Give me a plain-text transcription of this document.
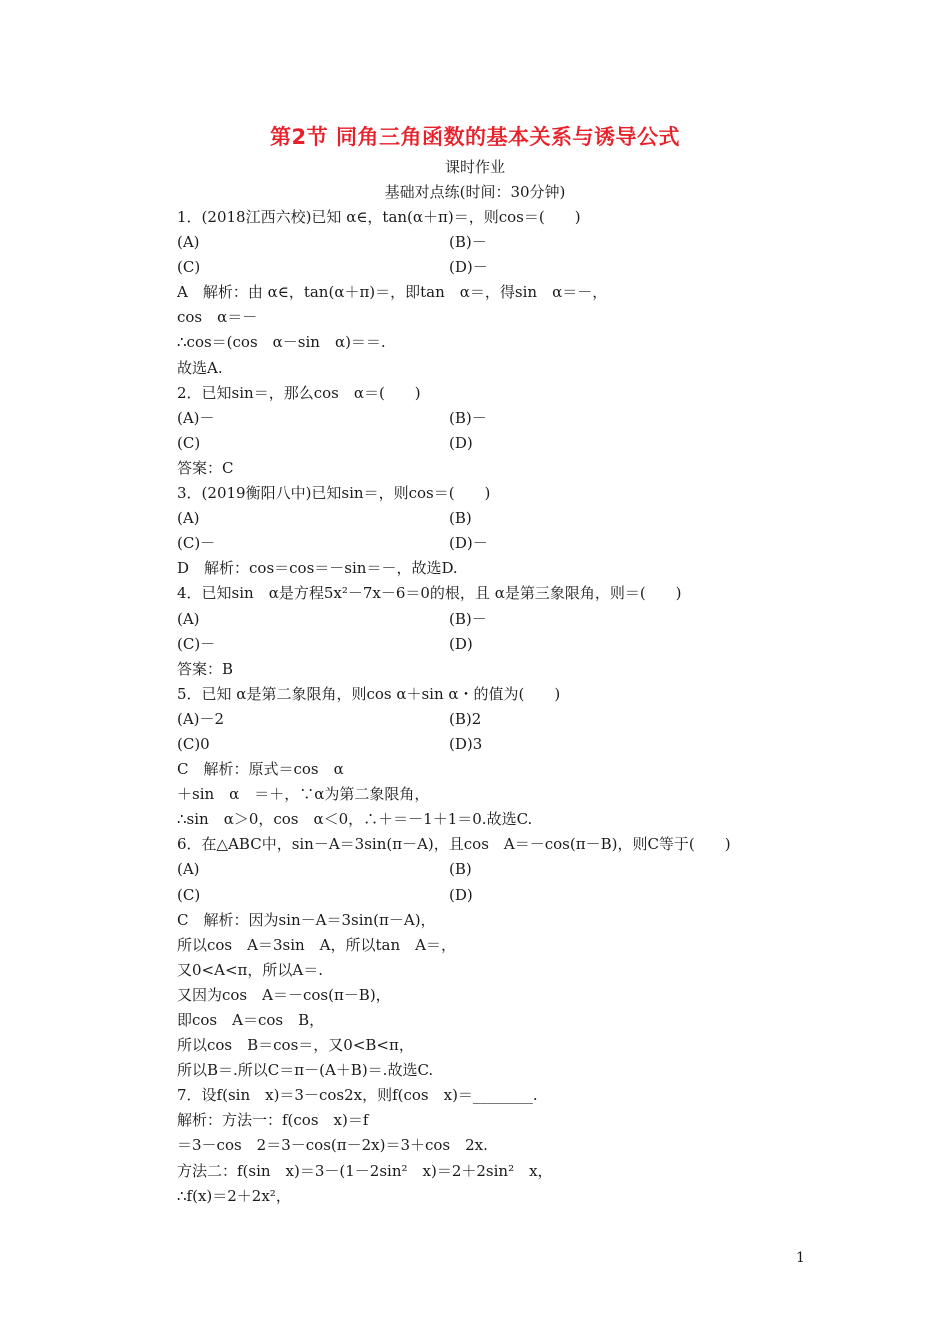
第2节 同角三角函数的基本关系与诱导公式
课时作业
基础对点练(时间：30分钟)
1．(2018江西六校)已知 α∈，tan(α＋π)＝，则cos＝(　　)
(A)	(B)－
(C)	(D)－
A　解析：由 α∈，tan(α＋π)＝，即tan　α＝，得sin　α＝－，
cos　α＝－
∴cos＝(cos　α－sin　α)＝＝.
故选A.
2．已知sin＝，那么cos　α＝(　　)
(A)－	(B)－
(C)	(D)
答案：C
3．(2019衡阳八中)已知sin＝，则cos＝(　　)
(A)	(B)
(C)－	(D)－
D　解析：cos＝cos＝－sin＝－，故选D.
4．已知sin　α是方程5x²－7x－6＝0的根，且 α是第三象限角，则＝(　　)
(A)	(B)－
(C)－	(D)
答案：B
5．已知 α是第二象限角，则cos α＋sin α・的值为(　　)
(A)－2	(B)2
(C)0	(D)3
C　解析：原式＝cos　α
＋sin　α　＝＋，∵α为第二象限角，
∴sin　α＞0，cos　α＜0，∴＋＝－1＋1＝0.故选C.
6．在△ABC中，sin－A＝3sin(π－A)，且cos　A＝－cos(π－B)，则C等于(　　)
(A)	(B)
(C)	(D)
C　解析：因为sin－A＝3sin(π－A)，
所以cos　A＝3sin　A，所以tan　A＝，
又0<A<π，所以A＝.
又因为cos　A＝－cos(π－B)，
即cos　A＝cos　B，
所以cos　B＝cos＝，又0<B<π，
所以B＝.所以C＝π－(A＋B)＝.故选C.
7．设f(sin　x)＝3－cos2x，则f(cos　x)＝________.
解析：方法一：f(cos　x)＝f
＝3－cos　2＝3－cos(π－2x)＝3＋cos　2x.
方法二：f(sin　x)＝3－(1－2sin²　x)＝2＋2sin²　x，
∴f(x)＝2＋2x²，
1
